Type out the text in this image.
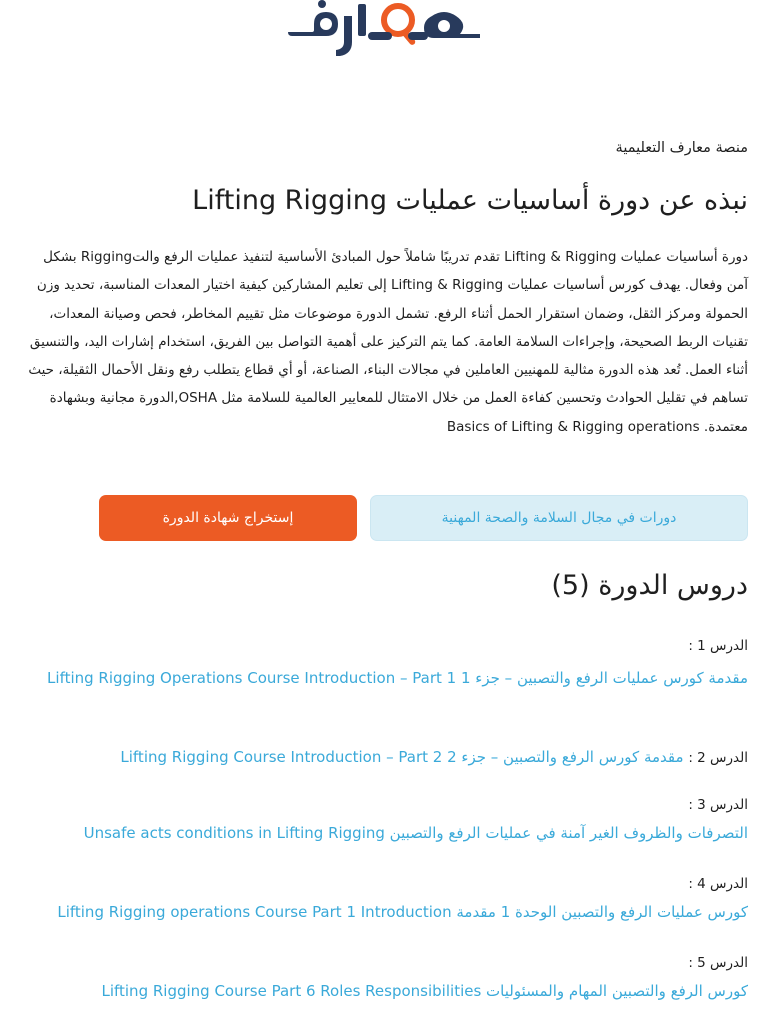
منصة معارف التعليمية
نبذه عن دورة أساسيات عمليات Lifting Rigging

دورة أساسيات عمليات Lifting & Rigging تقدم تدريبًا شاملاً حول المبادئ الأساسية لتنفيذ عمليات الرفع والتRigging بشكل آمن وفعال. يهدف كورس أساسيات عمليات Lifting & Rigging إلى تعليم المشاركين كيفية اختيار المعدات المناسبة، تحديد وزن الحمولة ومركز الثقل، وضمان استقرار الحمل أثناء الرفع. تشمل الدورة موضوعات مثل تقييم المخاطر، فحص وصيانة المعدات، تقنيات الربط الصحيحة، وإجراءات السلامة العامة. كما يتم التركيز على أهمية التواصل بين الفريق، استخدام إشارات اليد، والتنسيق أثناء العمل. تُعد هذه الدورة مثالية للمهنيين العاملين في مجالات البناء، الصناعة، أو أي قطاع يتطلب رفع ونقل الأحمال الثقيلة، حيث تساهم في تقليل الحوادث وتحسين كفاءة العمل من خلال الامتثال للمعايير العالمية للسلامة مثل OSHA,الدورة مجانية وبشهادة معتمدة. Basics of Lifting & Rigging operations

دورات في مجال السلامة والصحة المهنية
إستخراج شهادة الدورة
دروس الدورة (5)
الدرس 1 :
مقدمة كورس عمليات الرفع والتصبين – جزء 1 Lifting Rigging Operations Course Introduction – Part 1
الدرس 2 : مقدمة كورس الرفع والتصبين – جزء 2 Lifting Rigging Course Introduction – Part 2
الدرس 3 :
التصرفات والظروف الغير آمنة في عمليات الرفع والتصبين Unsafe acts conditions in Lifting Rigging
الدرس 4 :
كورس عمليات الرفع والتصبين الوحدة 1 مقدمة Lifting Rigging operations Course Part 1 Introduction
الدرس 5 :
كورس الرفع والتصبين المهام والمسئوليات Lifting Rigging Course Part 6 Roles Responsibilities
